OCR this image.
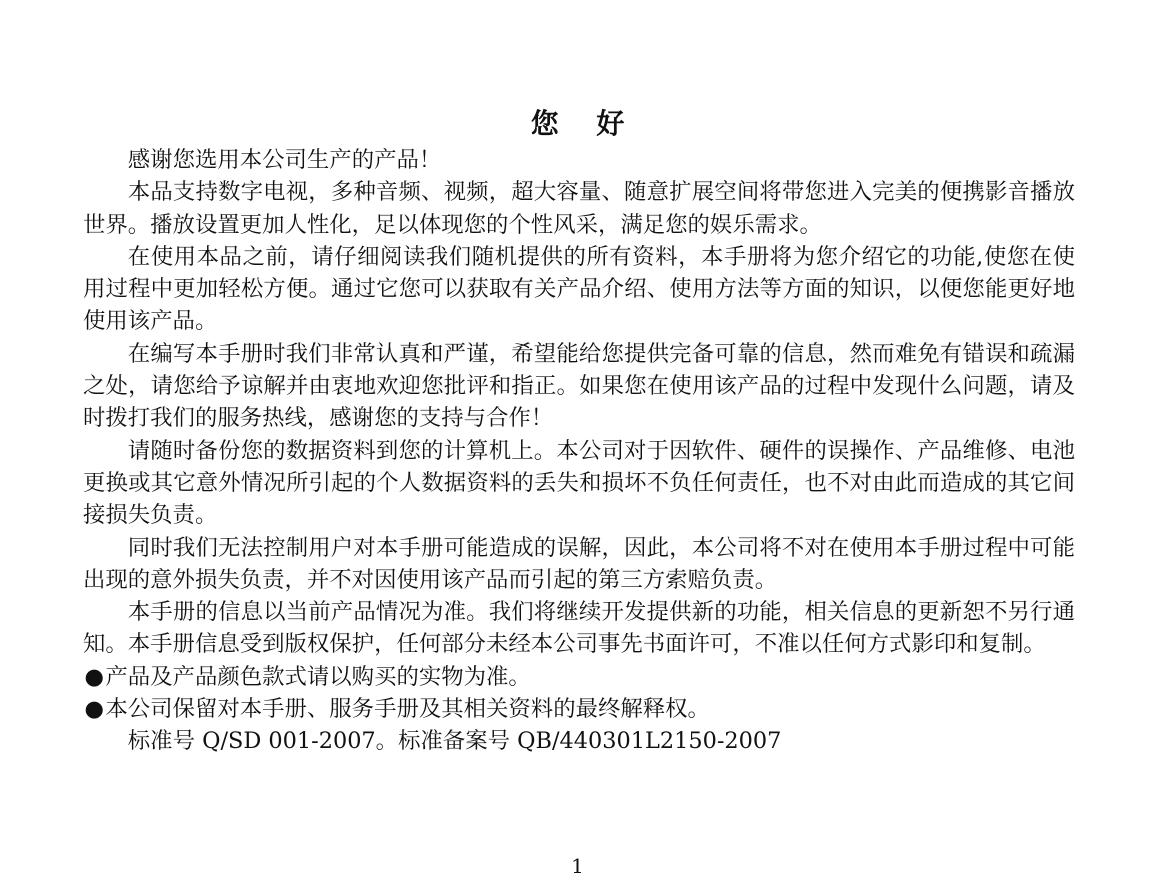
您 好

感谢您选用本公司生产的产品！

本品支持数字电视，多种音频、视频，超大容量、随意扩展空间将带您进入完美的便携影音播放世界。播放设置更加人性化，足以体现您的个性风采，满足您的娱乐需求。

在使用本品之前，请仔细阅读我们随机提供的所有资料，本手册将为您介绍它的功能,使您在使用过程中更加轻松方便。通过它您可以获取有关产品介绍、使用方法等方面的知识，以便您能更好地使用该产品。

在编写本手册时我们非常认真和严谨，希望能给您提供完备可靠的信息，然而难免有错误和疏漏之处，请您给予谅解并由衷地欢迎您批评和指正。如果您在使用该产品的过程中发现什么问题，请及时拨打我们的服务热线，感谢您的支持与合作！

请随时备份您的数据资料到您的计算机上。本公司对于因软件、硬件的误操作、产品维修、电池更换或其它意外情况所引起的个人数据资料的丢失和损坏不负任何责任，也不对由此而造成的其它间接损失负责。

同时我们无法控制用户对本手册可能造成的误解，因此，本公司将不对在使用本手册过程中可能出现的意外损失负责，并不对因使用该产品而引起的第三方索赔负责。

本手册的信息以当前产品情况为准。我们将继续开发提供新的功能，相关信息的更新恕不另行通知。本手册信息受到版权保护，任何部分未经本公司事先书面许可，不准以任何方式影印和复制。

●产品及产品颜色款式请以购买的实物为准。

●本公司保留对本手册、服务手册及其相关资料的最终解释权。

标准号 Q/SD 001-2007。标准备案号 QB/440301L2150-2007

1
